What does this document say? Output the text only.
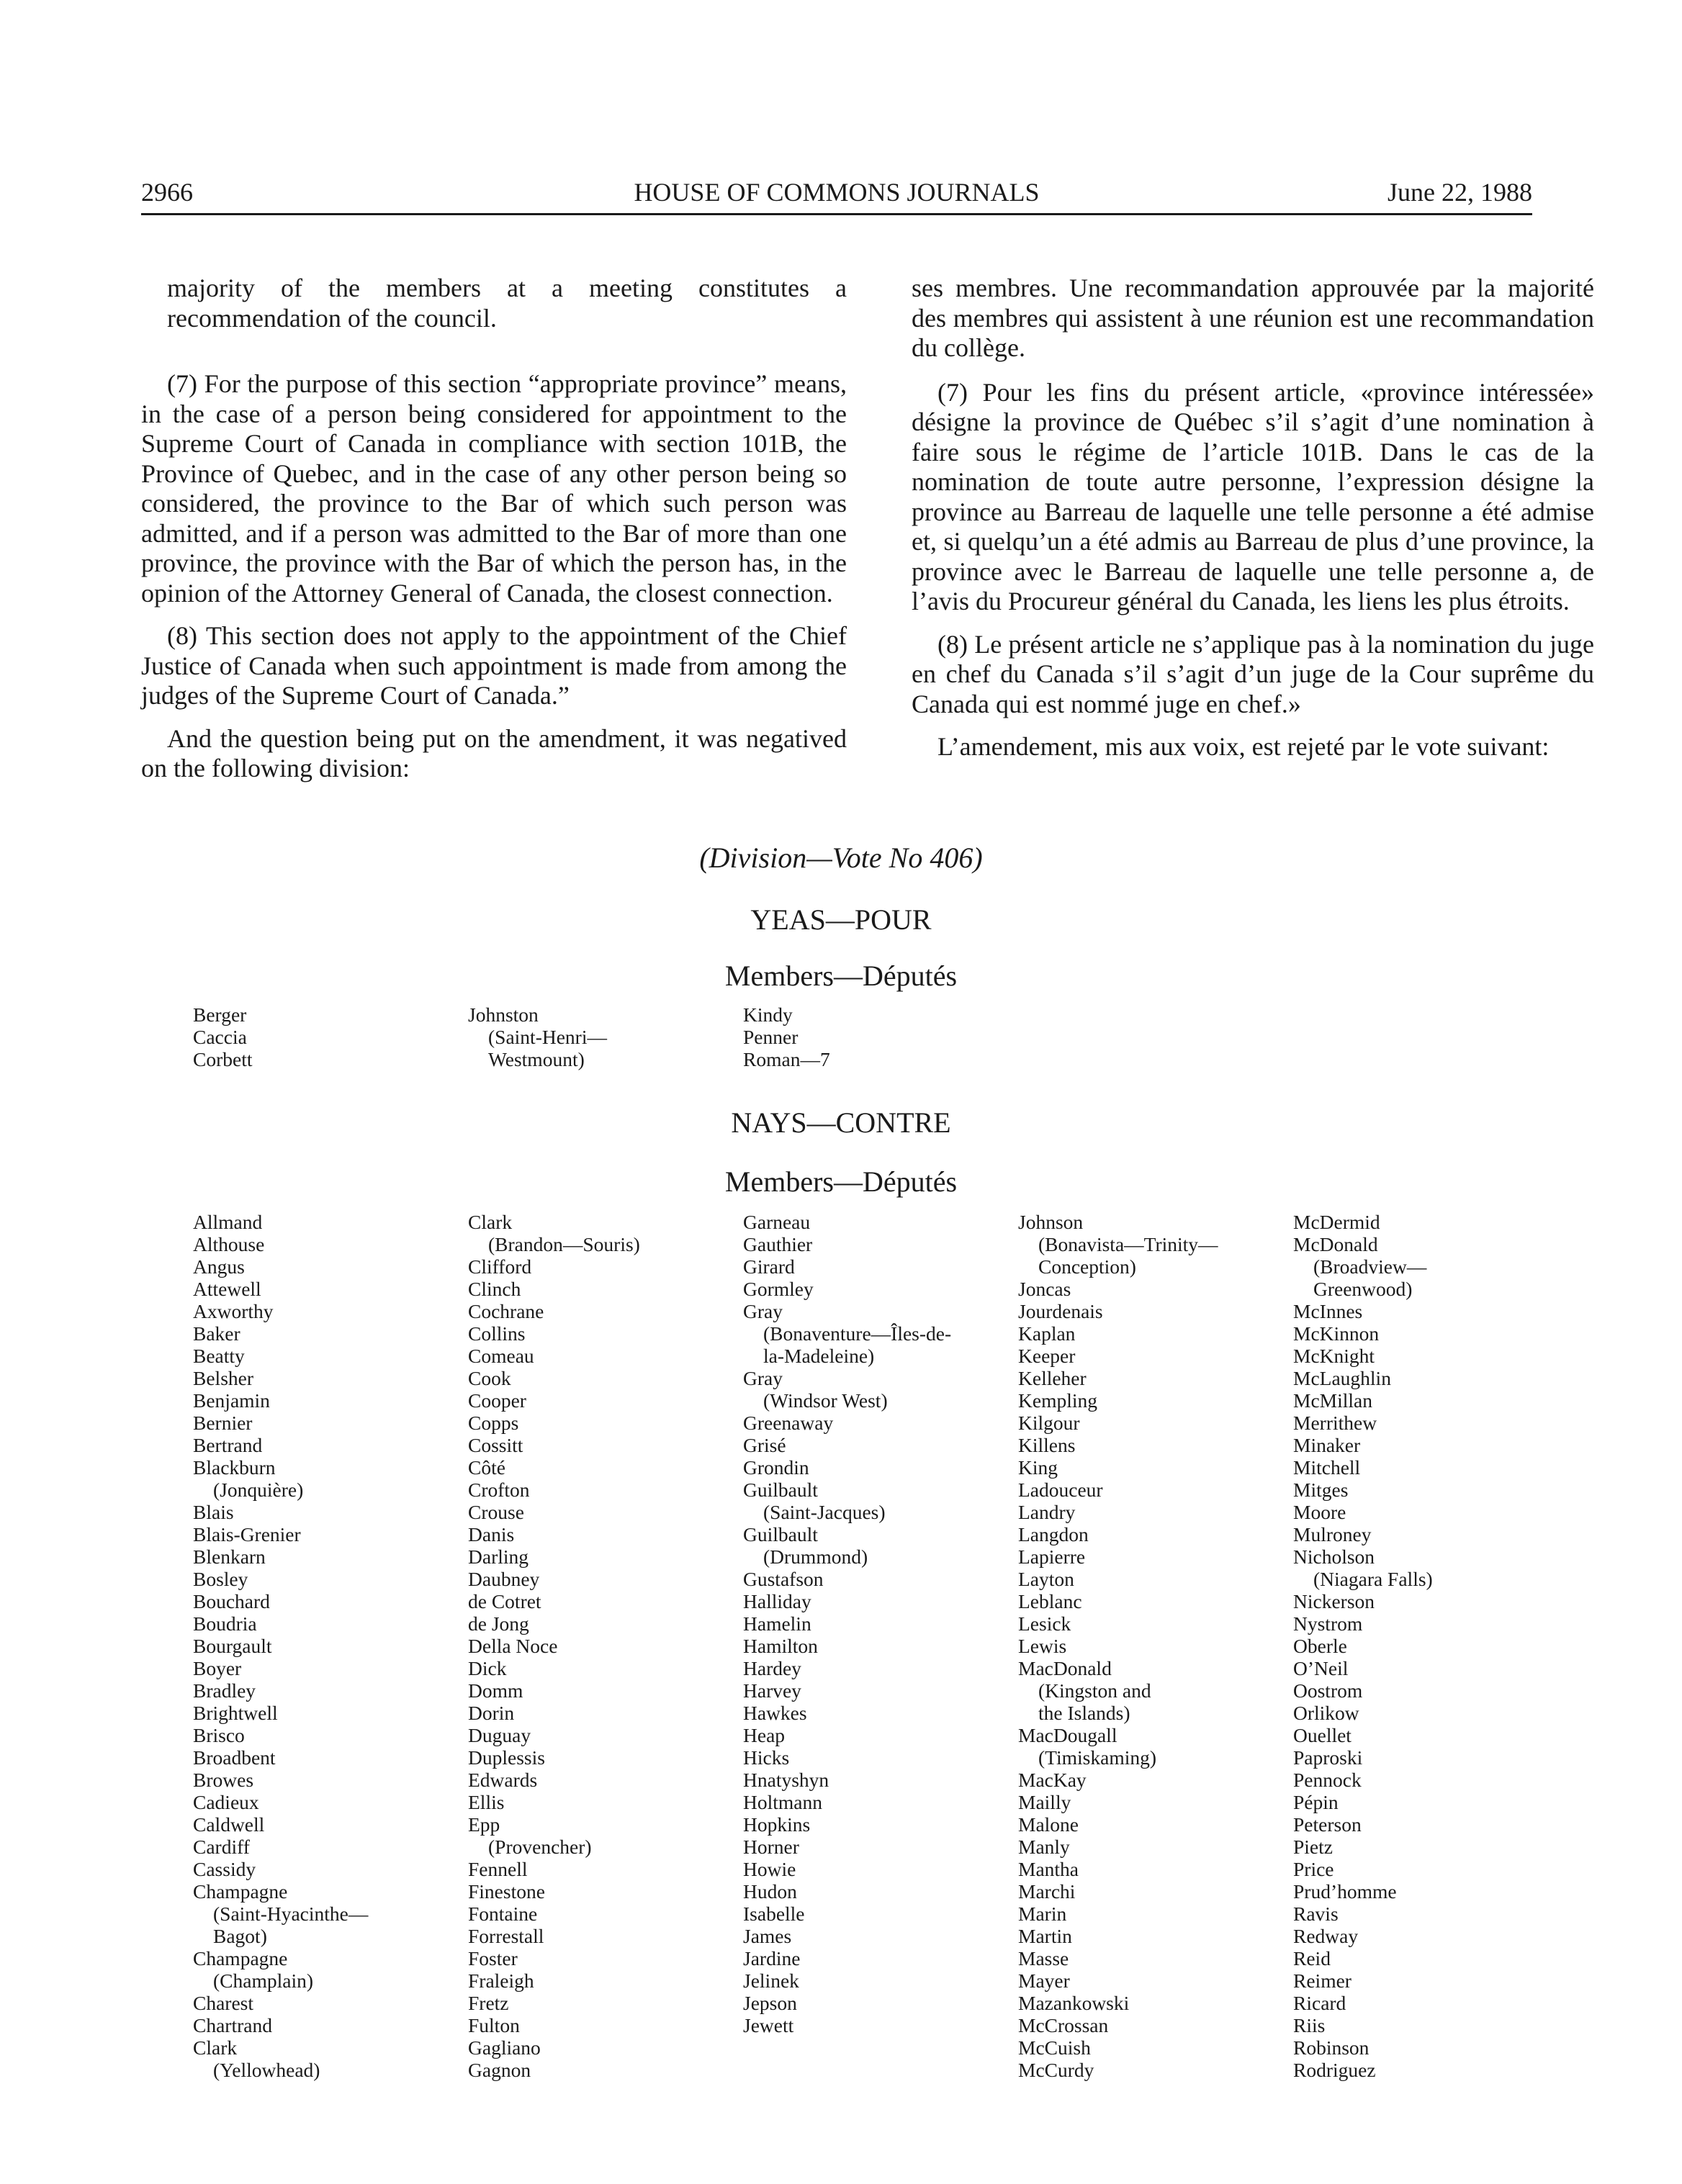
2966	HOUSE OF COMMONS JOURNALS	June 22, 1988

majority of the members at a meeting constitutes a recommendation of the council.

(7) For the purpose of this section “appropriate province” means, in the case of a person being considered for appointment to the Supreme Court of Canada in compliance with section 101B, the Province of Quebec, and in the case of any other person being so considered, the province to the Bar of which such person was admitted, and if a person was admitted to the Bar of more than one province, the province with the Bar of which the person has, in the opinion of the Attorney General of Canada, the closest connection.

(8) This section does not apply to the appointment of the Chief Justice of Canada when such appointment is made from among the judges of the Supreme Court of Canada.”

And the question being put on the amendment, it was negatived on the following division:

ses membres. Une recommandation approuvée par la majorité des membres qui assistent à une réunion est une recommandation du collège.

(7) Pour les fins du présent article, «province intéressée» désigne la province de Québec s’il s’agit d’une nomination à faire sous le régime de l’article 101B. Dans le cas de la nomination de toute autre personne, l’expression désigne la province au Barreau de laquelle une telle personne a été admise et, si quelqu’un a été admis au Barreau de plus d’une province, la province avec le Barreau de laquelle une telle personne a, de l’avis du Procureur général du Canada, les liens les plus étroits.

(8) Le présent article ne s’applique pas à la nomination du juge en chef du Canada s’il s’agit d’un juge de la Cour suprême du Canada qui est nommé juge en chef.»

L’amendement, mis aux voix, est rejeté par le vote suivant:

(Division—Vote No 406)
YEAS—POUR
Members—Députés
Berger
Caccia
Corbett
Johnston
(Saint-Henri—
Westmount)
Kindy
Penner
Roman—7
NAYS—CONTRE
Members—Députés
Allmand
Althouse
Angus
Attewell
Axworthy
Baker
Beatty
Belsher
Benjamin
Bernier
Bertrand
Blackburn
(Jonquière)
Blais
Blais-Grenier
Blenkarn
Bosley
Bouchard
Boudria
Bourgault
Boyer
Bradley
Brightwell
Brisco
Broadbent
Browes
Cadieux
Caldwell
Cardiff
Cassidy
Champagne
(Saint-Hyacinthe—
Bagot)
Champagne
(Champlain)
Charest
Chartrand
Clark
(Yellowhead)
Clark
(Brandon—Souris)
Clifford
Clinch
Cochrane
Collins
Comeau
Cook
Cooper
Copps
Cossitt
Côté
Crofton
Crouse
Danis
Darling
Daubney
de Cotret
de Jong
Della Noce
Dick
Domm
Dorin
Duguay
Duplessis
Edwards
Ellis
Epp
(Provencher)
Fennell
Finestone
Fontaine
Forrestall
Foster
Fraleigh
Fretz
Fulton
Gagliano
Gagnon
Garneau
Gauthier
Girard
Gormley
Gray
(Bonaventure—Îles-de-
la-Madeleine)
Gray
(Windsor West)
Greenaway
Grisé
Grondin
Guilbault
(Saint-Jacques)
Guilbault
(Drummond)
Gustafson
Halliday
Hamelin
Hamilton
Hardey
Harvey
Hawkes
Heap
Hicks
Hnatyshyn
Holtmann
Hopkins
Horner
Howie
Hudon
Isabelle
James
Jardine
Jelinek
Jepson
Jewett
Johnson
(Bonavista—Trinity—
Conception)
Joncas
Jourdenais
Kaplan
Keeper
Kelleher
Kempling
Kilgour
Killens
King
Ladouceur
Landry
Langdon
Lapierre
Layton
Leblanc
Lesick
Lewis
MacDonald
(Kingston and
the Islands)
MacDougall
(Timiskaming)
MacKay
Mailly
Malone
Manly
Mantha
Marchi
Marin
Martin
Masse
Mayer
Mazankowski
McCrossan
McCuish
McCurdy
McDermid
McDonald
(Broadview—
Greenwood)
McInnes
McKinnon
McKnight
McLaughlin
McMillan
Merrithew
Minaker
Mitchell
Mitges
Moore
Mulroney
Nicholson
(Niagara Falls)
Nickerson
Nystrom
Oberle
O’Neil
Oostrom
Orlikow
Ouellet
Paproski
Pennock
Pépin
Peterson
Pietz
Price
Prud’homme
Ravis
Redway
Reid
Reimer
Ricard
Riis
Robinson
Rodriguez
